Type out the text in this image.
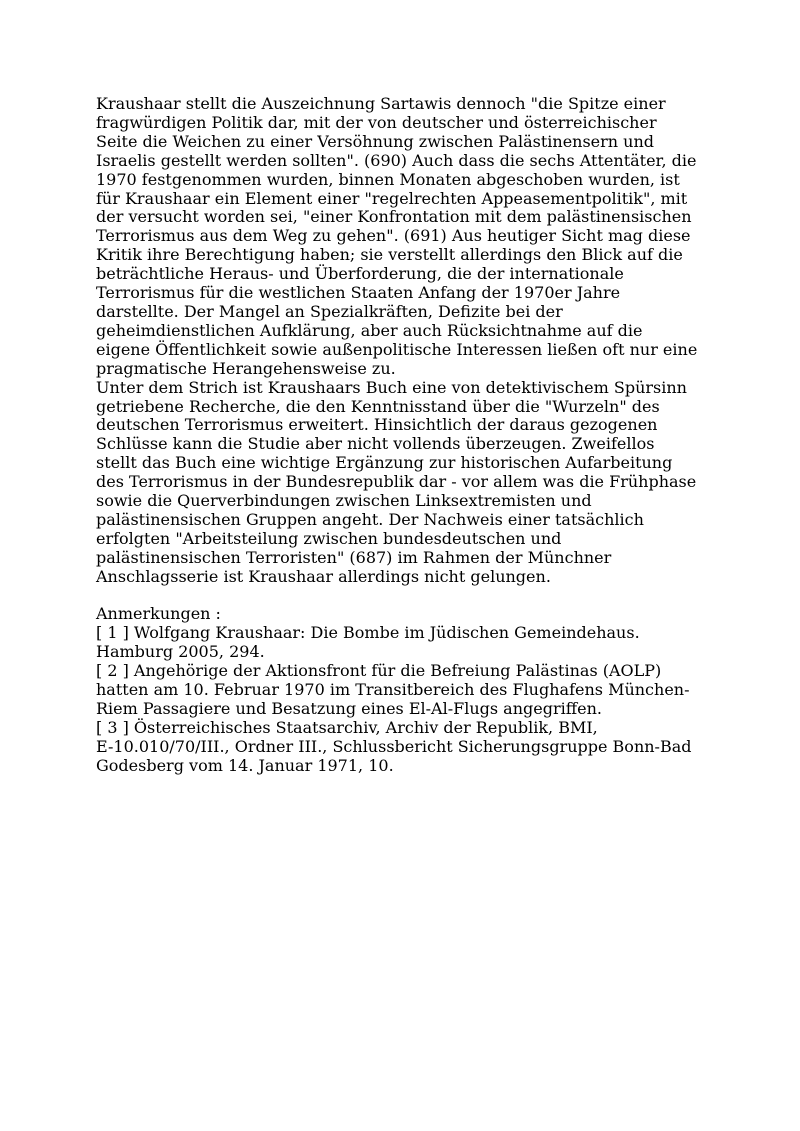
Kraushaar stellt die Auszeichnung Sartawis dennoch "die Spitze einer
fragwürdigen Politik dar, mit der von deutscher und österreichischer
Seite die Weichen zu einer Versöhnung zwischen Palästinensern und
Israelis gestellt werden sollten". (690) Auch dass die sechs Attentäter, die
1970 festgenommen wurden, binnen Monaten abgeschoben wurden, ist
für Kraushaar ein Element einer "regelrechten Appeasementpolitik", mit
der versucht worden sei, "einer Konfrontation mit dem palästinensischen
Terrorismus aus dem Weg zu gehen". (691) Aus heutiger Sicht mag diese
Kritik ihre Berechtigung haben; sie verstellt allerdings den Blick auf die
beträchtliche Heraus- und Überforderung, die der internationale
Terrorismus für die westlichen Staaten Anfang der 1970er Jahre
darstellte. Der Mangel an Spezialkräften, Defizite bei der
geheimdienstlichen Aufklärung, aber auch Rücksichtnahme auf die
eigene Öffentlichkeit sowie außenpolitische Interessen ließen oft nur eine
pragmatische Herangehensweise zu.
Unter dem Strich ist Kraushaars Buch eine von detektivischem Spürsinn
getriebene Recherche, die den Kenntnisstand über die "Wurzeln" des
deutschen Terrorismus erweitert. Hinsichtlich der daraus gezogenen
Schlüsse kann die Studie aber nicht vollends überzeugen. Zweifellos
stellt das Buch eine wichtige Ergänzung zur historischen Aufarbeitung
des Terrorismus in der Bundesrepublik dar - vor allem was die Frühphase
sowie die Querverbindungen zwischen Linksextremisten und
palästinensischen Gruppen angeht. Der Nachweis einer tatsächlich
erfolgten "Arbeitsteilung zwischen bundesdeutschen und
palästinensischen Terroristen" (687) im Rahmen der Münchner
Anschlagsserie ist Kraushaar allerdings nicht gelungen.
Anmerkungen :
[ 1 ] Wolfgang Kraushaar: Die Bombe im Jüdischen Gemeindehaus.
Hamburg 2005, 294.
[ 2 ] Angehörige der Aktionsfront für die Befreiung Palästinas (AOLP)
hatten am 10. Februar 1970 im Transitbereich des Flughafens München-
Riem Passagiere und Besatzung eines El-Al-Flugs angegriffen.
[ 3 ] Österreichisches Staatsarchiv, Archiv der Republik, BMI,
E-10.010/70/III., Ordner III., Schlussbericht Sicherungsgruppe Bonn-Bad
Godesberg vom 14. Januar 1971, 10.
